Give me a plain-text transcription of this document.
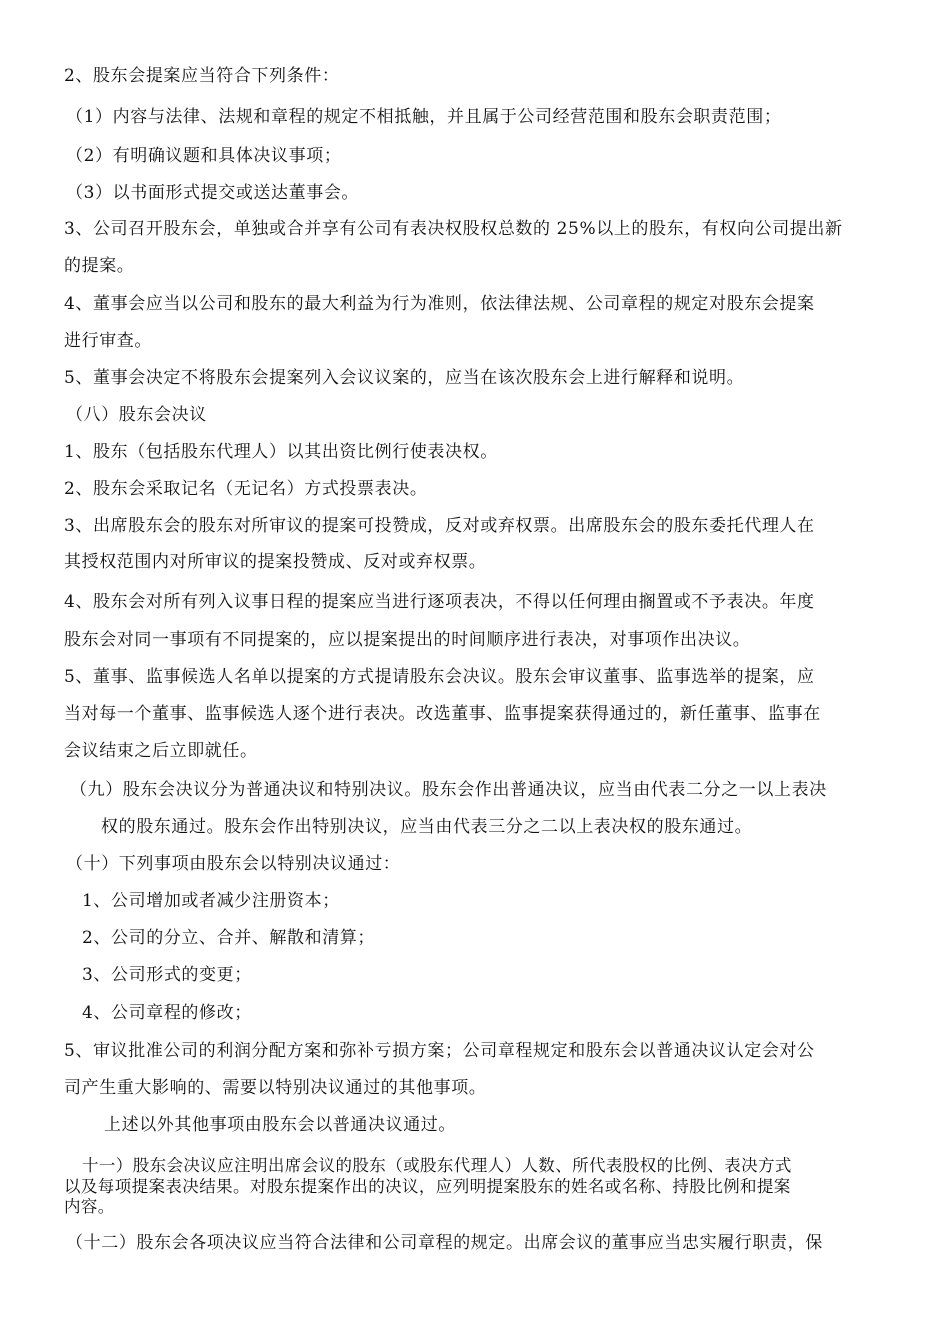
2、股东会提案应当符合下列条件：

（1）内容与法律、法规和章程的规定不相抵触，并且属于公司经营范围和股东会职责范围；

（2）有明确议题和具体决议事项；

（3）以书面形式提交或送达董事会。

3、公司召开股东会，单独或合并享有公司有表决权股权总数的 25%以上的股东，有权向公司提出新

的提案。

4、董事会应当以公司和股东的最大利益为行为准则，依法律法规、公司章程的规定对股东会提案

进行审查。

5、董事会决定不将股东会提案列入会议议案的，应当在该次股东会上进行解释和说明。

（八）股东会决议

1、股东（包括股东代理人）以其出资比例行使表决权。

2、股东会采取记名（无记名）方式投票表决。

3、出席股东会的股东对所审议的提案可投赞成，反对或弃权票。出席股东会的股东委托代理人在

其授权范围内对所审议的提案投赞成、反对或弃权票。

4、股东会对所有列入议事日程的提案应当进行逐项表决，不得以任何理由搁置或不予表决。年度

股东会对同一事项有不同提案的，应以提案提出的时间顺序进行表决，对事项作出决议。

5、董事、监事候选人名单以提案的方式提请股东会决议。股东会审议董事、监事选举的提案，应

当对每一个董事、监事候选人逐个进行表决。改选董事、监事提案获得通过的，新任董事、监事在

会议结束之后立即就任。

（九）股东会决议分为普通决议和特别决议。股东会作出普通决议，应当由代表二分之一以上表决

权的股东通过。股东会作出特别决议，应当由代表三分之二以上表决权的股东通过。

（十）下列事项由股东会以特别决议通过：

1、公司增加或者减少注册资本；

2、公司的分立、合并、解散和清算；

3、公司形式的变更；

4、公司章程的修改；

5、审议批准公司的利润分配方案和弥补亏损方案；公司章程规定和股东会以普通决议认定会对公

司产生重大影响的、需要以特别决议通过的其他事项。

上述以外其他事项由股东会以普通决议通过。

十一）股东会决议应注明出席会议的股东（或股东代理人）人数、所代表股权的比例、表决方式

以及每项提案表决结果。对股东提案作出的决议，应列明提案股东的姓名或名称、持股比例和提案

内容。

（十二）股东会各项决议应当符合法律和公司章程的规定。出席会议的董事应当忠实履行职责，保
